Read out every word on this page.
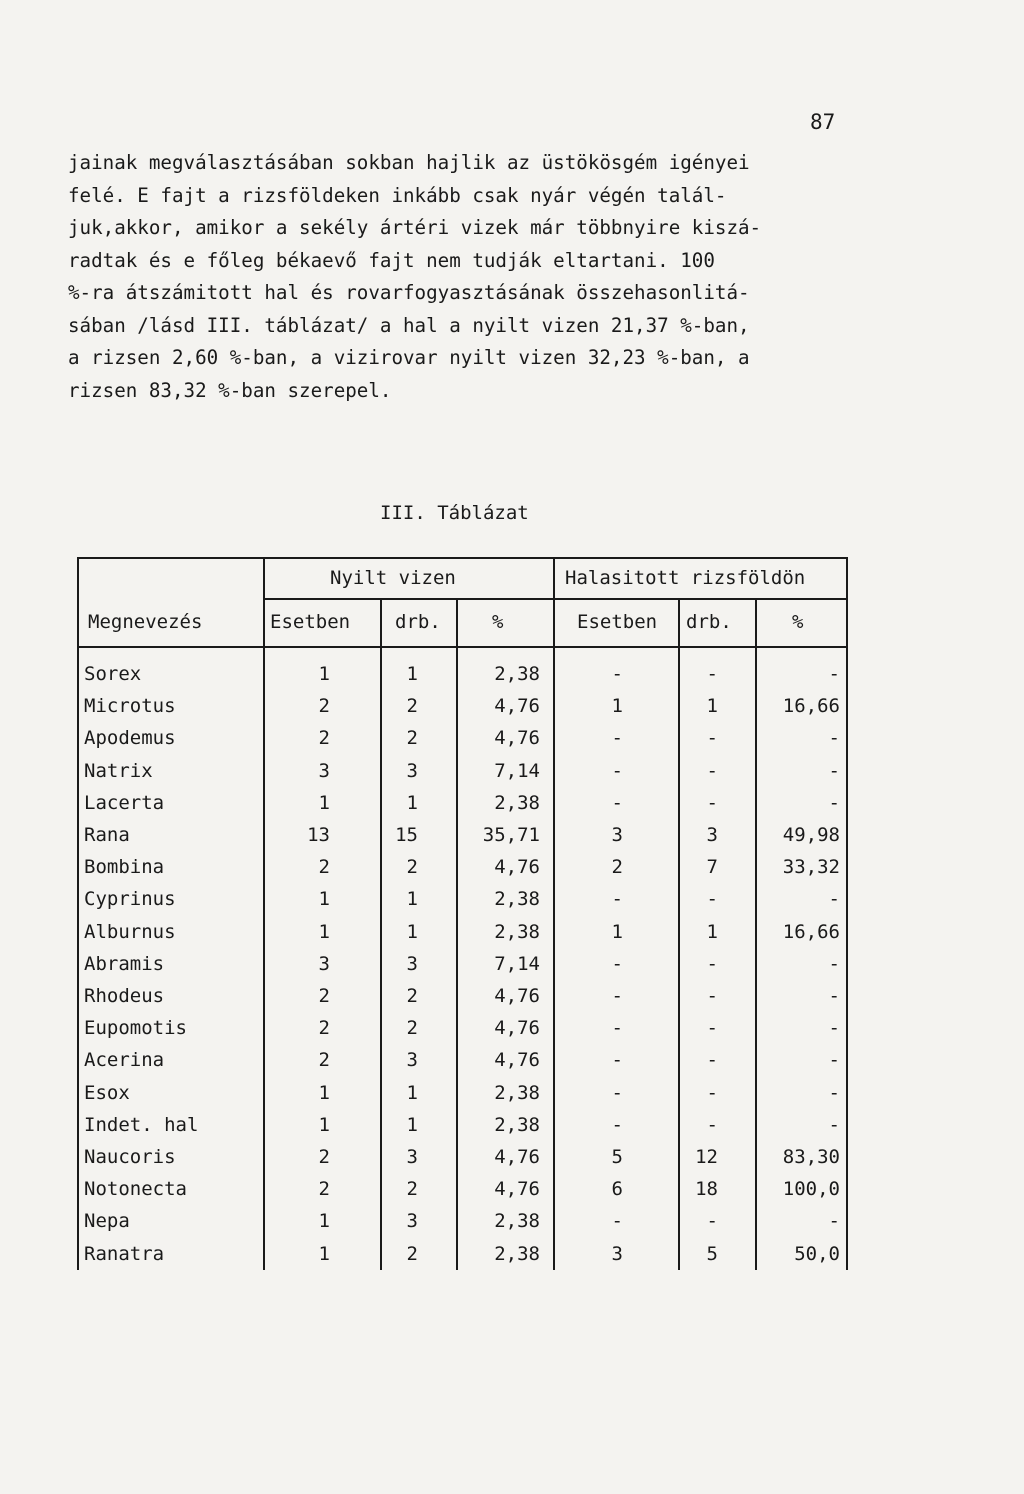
87
jainak megválasztásában sokban hajlik az üstökösgém igényei
felé. E fajt a rizsföldeken inkább csak nyár végén talál-
juk,akkor, amikor a sekély ártéri vizek már többnyire kiszá-
radtak és e főleg békaevő fajt nem tudják eltartani. 100
%-ra átszámitott hal és rovarfogyasztásának összehasonlitá-
sában /lásd III. táblázat/ a hal a nyilt vizen 21,37 %-ban,
a rizsen 2,60 %-ban, a vizirovar nyilt vizen 32,23 %-ban, a
rizsen 83,32 %-ban szerepel.
III. Táblázat
Nyilt vizen	Halasitott rizsföldön
Megnevezés	Esetben drb.	%	Esetben drb.	%
Sorex	1	1	2,38	-	-	-
Microtus	2	2	4,76	1	1	16,66
Apodemus	2	2	4,76	-	-	-
Natrix	3	3	7,14	-	-	-
Lacerta	1	1	2,38	-	-	-
Rana	13	15	35,71	3	3	49,98
Bombina	2	2	4,76	2	7	33,32
Cyprinus	1	1	2,38	-	-	-
Alburnus	1	1	2,38	1	1	16,66
Abramis	3	3	7,14	-	-	-
Rhodeus	2	2	4,76	-	-	-
Eupomotis	2	2	4,76	-	-	-
Acerina	2	3	4,76	-	-	-
Esox	1	1	2,38	-	-	-
Indet. hal	1	1	2,38	-	-	-
Naucoris	2	3	4,76	5	12	83,30
Notonecta	2	2	4,76	6	18	100,0
Nepa	1	3	2,38	-	-	-
Ranatra	1	2	2,38	3	5	50,0
